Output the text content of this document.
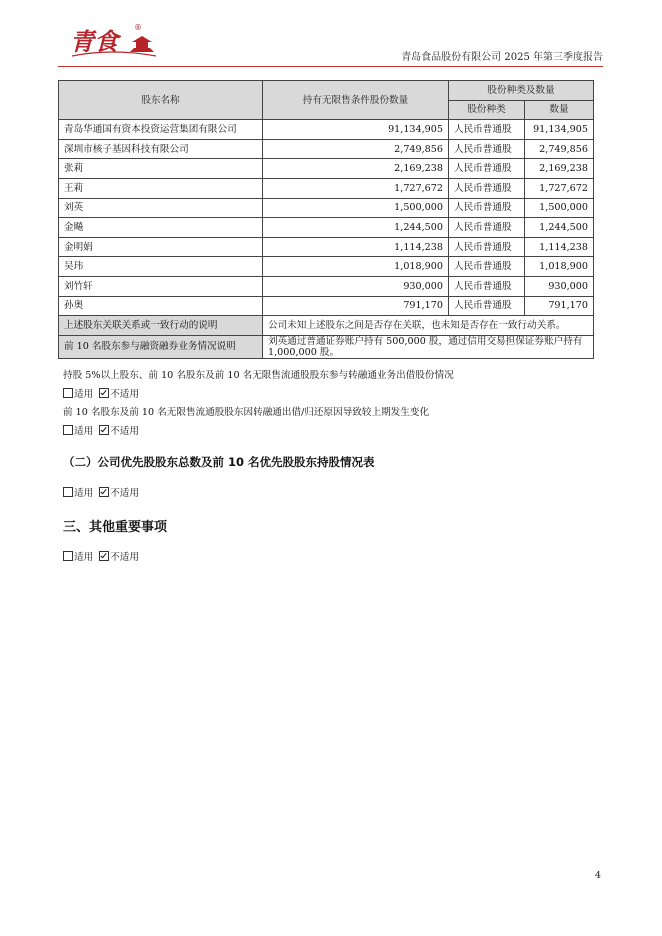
青食	®
青岛食品股份有限公司 2025 年第三季度报告
股东名称	持有无限售条件股份数量	股份种类及数量	
		股份种类	数量
青岛华通国有资本投资运营集团有限公司	91,134,905	人民币普通股	91,134,905
深圳市核子基因科技有限公司	2,749,856	人民币普通股	2,749,856
张莉	2,169,238	人民币普通股	2,169,238
王莉	1,727,672	人民币普通股	1,727,672
刘英	1,500,000	人民币普通股	1,500,000
金飚	1,244,500	人民币普通股	1,244,500
金明娟	1,114,238	人民币普通股	1,114,238
吴玮	1,018,900	人民币普通股	1,018,900
刘竹轩	930,000	人民币普通股	930,000
孙奥	791,170	人民币普通股	791,170
上述股东关联关系或一致行动的说明	公司未知上述股东之间是否存在关联，也未知是否存在一致行动关系。		
前 10 名股东参与融资融券业务情况说明	刘英通过普通证券账户持有 500,000 股，通过信用交易担保证券账户持有 1,000,000 股。		
持股 5%以上股东、前 10 名股东及前 10 名无限售流通股股东参与转融通业务出借股份情况
适用 不适用
前 10 名股东及前 10 名无限售流通股股东因转融通出借/归还原因导致较上期发生变化
适用 不适用
（二）公司优先股股东总数及前 10 名优先股股东持股情况表
适用 不适用
三、其他重要事项
适用 不适用
4
